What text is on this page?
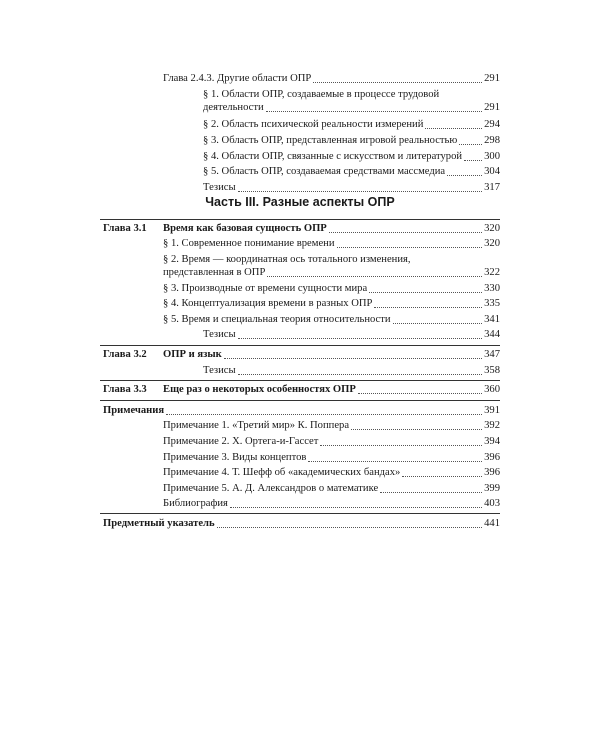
Глава 2.4.3. Другие области ОПР	291
§ 1. Области ОПР, создаваемые в процессе трудовой
деятельности	291
§ 2. Область психической реальности измерений	294
§ 3. Область ОПР, представленная игровой реальностью	298
§ 4. Области ОПР, связанные с искусством и литературой 300
§ 5. Область ОПР, создаваемая средствами массмедиа	304
Тезисы	317
Часть III. Разные аспекты ОПР
Глава 3.1 Время как базовая сущность ОПР	320
§ 1. Современное понимание времени	320
§ 2. Время — координатная ось тотального изменения,
представленная в ОПР	322
§ 3. Производные от времени сущности мира	330
§ 4. Концептуализация времени в разных ОПР	335
§ 5. Время и специальная теория относительности	341
Тезисы	344
Глава 3.2 ОПР и язык	347
Тезисы	358
Глава 3.3 Еще раз о некоторых особенностях ОПР	360
Примечания	391
Примечание 1. «Третий мир» К. Поппера	392
Примечание 2. Х. Ортега-и-Гассет	394
Примечание 3. Виды концептов	396
Примечание 4. Т. Шефф об «академических бандах»	396
Примечание 5. А. Д. Александров о математике	399
Библиография	403
Предметный указатель	441
